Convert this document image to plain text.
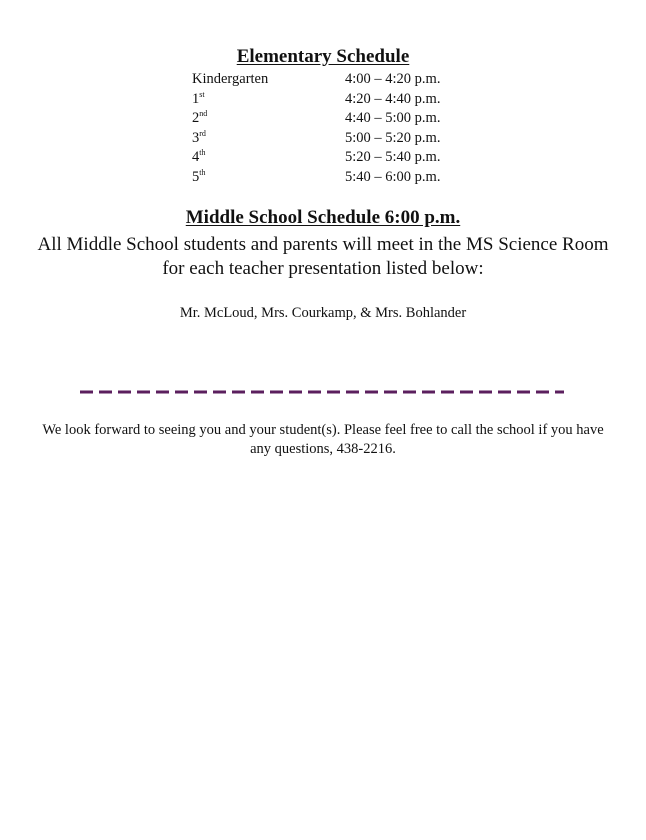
Elementary Schedule
Kindergarten	4:00 – 4:20 p.m.
1st	4:20 – 4:40 p.m.
2nd	4:40 – 5:00 p.m.
3rd	5:00 – 5:20 p.m.
4th	5:20 – 5:40 p.m.
5th	5:40 – 6:00 p.m.
Middle School Schedule 6:00 p.m.
All Middle School students and parents will meet in the MS Science Room for each teacher presentation listed below:
Mr. McLoud, Mrs. Courkamp, & Mrs. Bohlander
We look forward to seeing you and your student(s). Please feel free to call the school if you have any questions, 438-2216.
